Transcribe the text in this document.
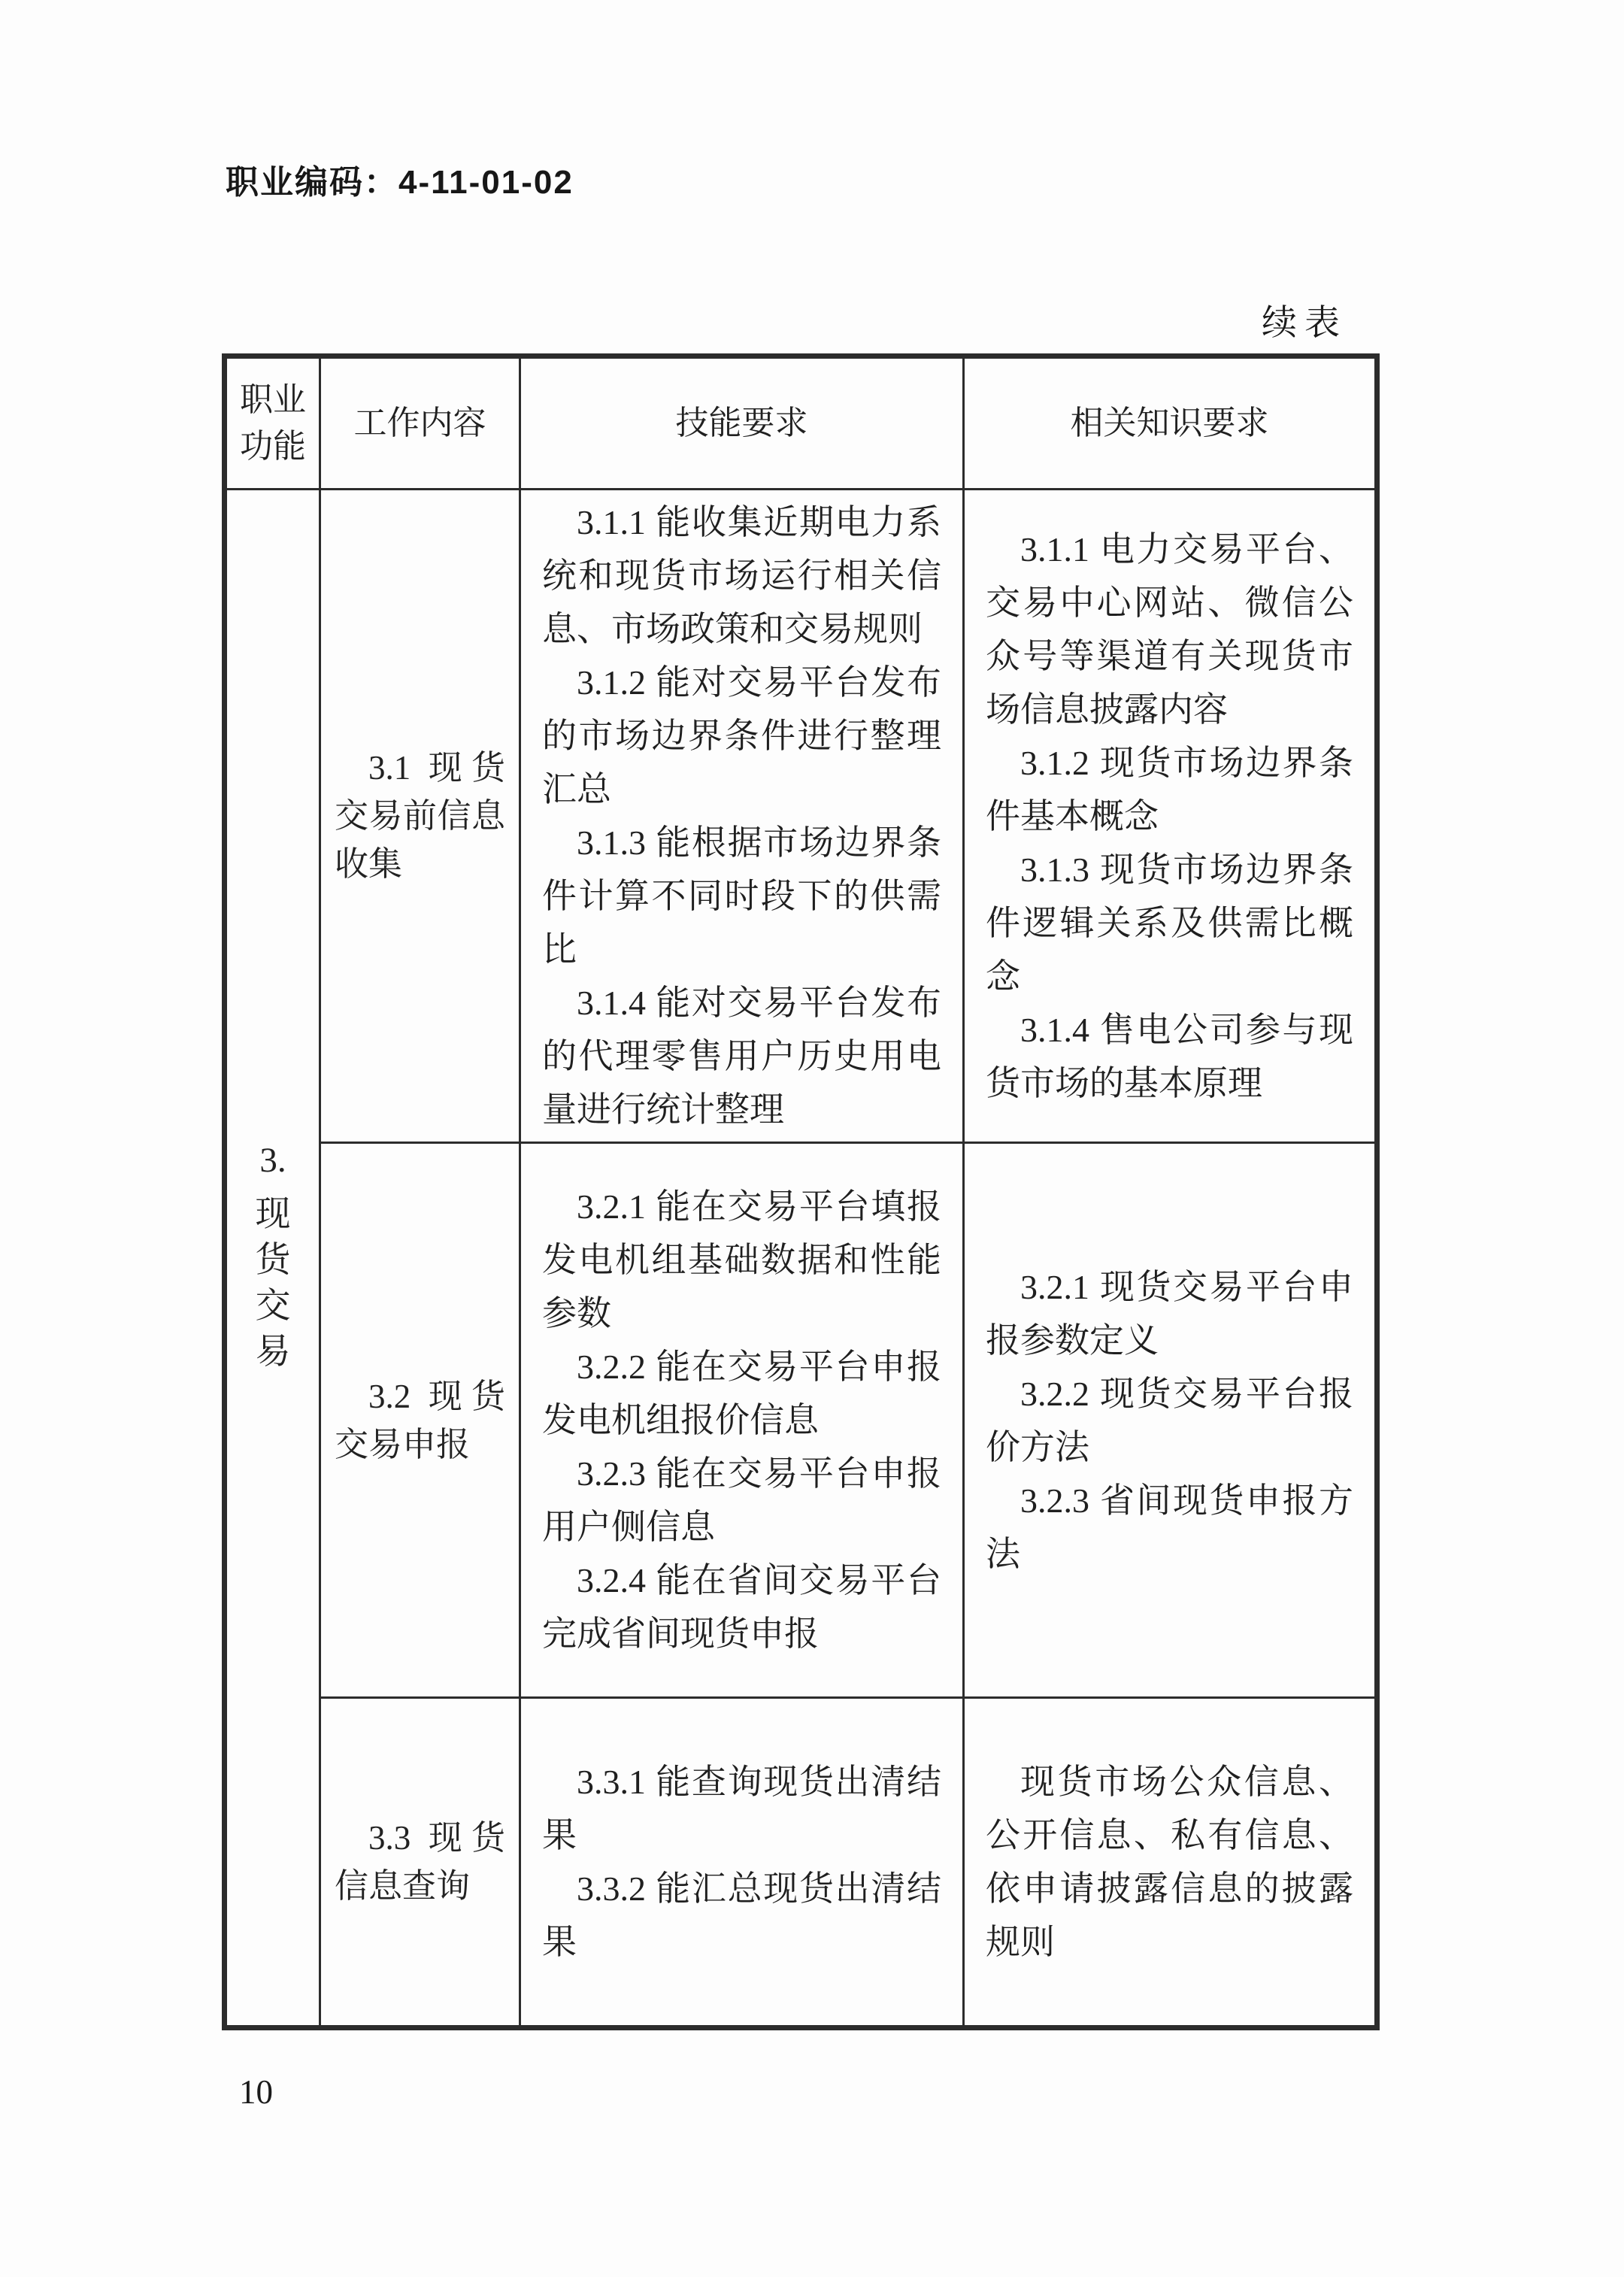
职业编码：4-11-01-02
续表
职业功能
工作内容	技能要求	相关知识要求
3.
现货交易

3.1 现货交易前信息收集

3.1.1 能收集近期电力系统和现货市场运行相关信息、市场政策和交易规则

3.1.2 能对交易平台发布的市场边界条件进行整理汇总

3.1.3 能根据市场边界条件计算不同时段下的供需比

3.1.4 能对交易平台发布的代理零售用户历史用电量进行统计整理

3.1.1 电力交易平台、交易中心网站、微信公众号等渠道有关现货市场信息披露内容

3.1.2 现货市场边界条件基本概念

3.1.3 现货市场边界条件逻辑关系及供需比概念

3.1.4 售电公司参与现货市场的基本原理

3.2 现货交易申报

3.2.1 能在交易平台填报发电机组基础数据和性能参数

3.2.2 能在交易平台申报发电机组报价信息

3.2.3 能在交易平台申报用户侧信息

3.2.4 能在省间交易平台完成省间现货申报

3.2.1 现货交易平台申报参数定义

3.2.2 现货交易平台报价方法

3.2.3 省间现货申报方法

3.3 现货信息查询

3.3.1 能查询现货出清结果

3.3.2 能汇总现货出清结果

现货市场公众信息、公开信息、私有信息、依申请披露信息的披露规则

10
